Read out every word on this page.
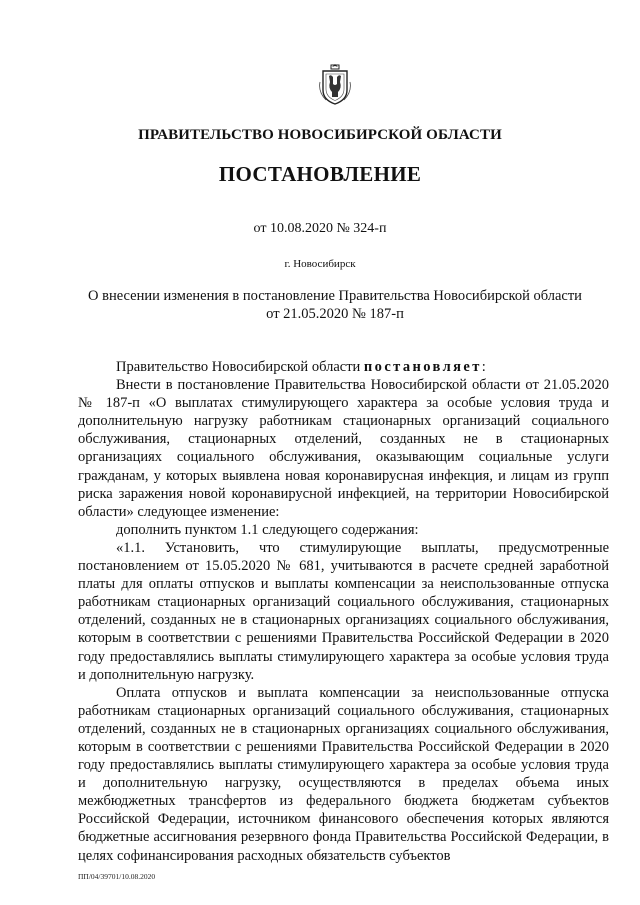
ПРАВИТЕЛЬСТВО НОВОСИБИРСКОЙ ОБЛАСТИ
ПОСТАНОВЛЕНИЕ
от 10.08.2020 № 324-п
г. Новосибирск
О внесении изменения в постановление Правительства Новосибирской области
от 21.05.2020 № 187-п

Правительство Новосибирской области постановляет:

Внести в постановление Правительства Новосибирской области от 21.05.2020 № 187-п «О выплатах стимулирующего характера за особые условия труда и дополнительную нагрузку работникам стационарных организаций социального обслуживания, стационарных отделений, созданных не в стационарных организациях социального обслуживания, оказывающим социальные услуги гражданам, у которых выявлена новая коронавирусная инфекция, и лицам из групп риска заражения новой коронавирусной инфекцией, на территории Новосибирской области» следующее изменение:

дополнить пунктом 1.1 следующего содержания:

«1.1. Установить, что стимулирующие выплаты, предусмотренные постановлением от 15.05.2020 № 681, учитываются в расчете средней заработной платы для оплаты отпусков и выплаты компенсации за неиспользованные отпуска работникам стационарных организаций социального обслуживания, стационарных отделений, созданных не в стационарных организациях социального обслуживания, которым в соответствии с решениями Правительства Российской Федерации в 2020 году предоставлялись выплаты стимулирующего характера за особые условия труда и дополнительную нагрузку.

Оплата отпусков и выплата компенсации за неиспользованные отпуска работникам стационарных организаций социального обслуживания, стационарных отделений, созданных не в стационарных организациях социального обслуживания, которым в соответствии с решениями Правительства Российской Федерации в 2020 году предоставлялись выплаты стимулирующего характера за особые условия труда и дополнительную нагрузку, осуществляются в пределах объема иных межбюджетных трансфертов из федерального бюджета бюджетам субъектов Российской Федерации, источником финансового обеспечения которых являются бюджетные ассигнования резервного фонда Правительства Российской Федерации, в целях софинансирования расходных обязательств субъектов

ПП/04/39701/10.08.2020
